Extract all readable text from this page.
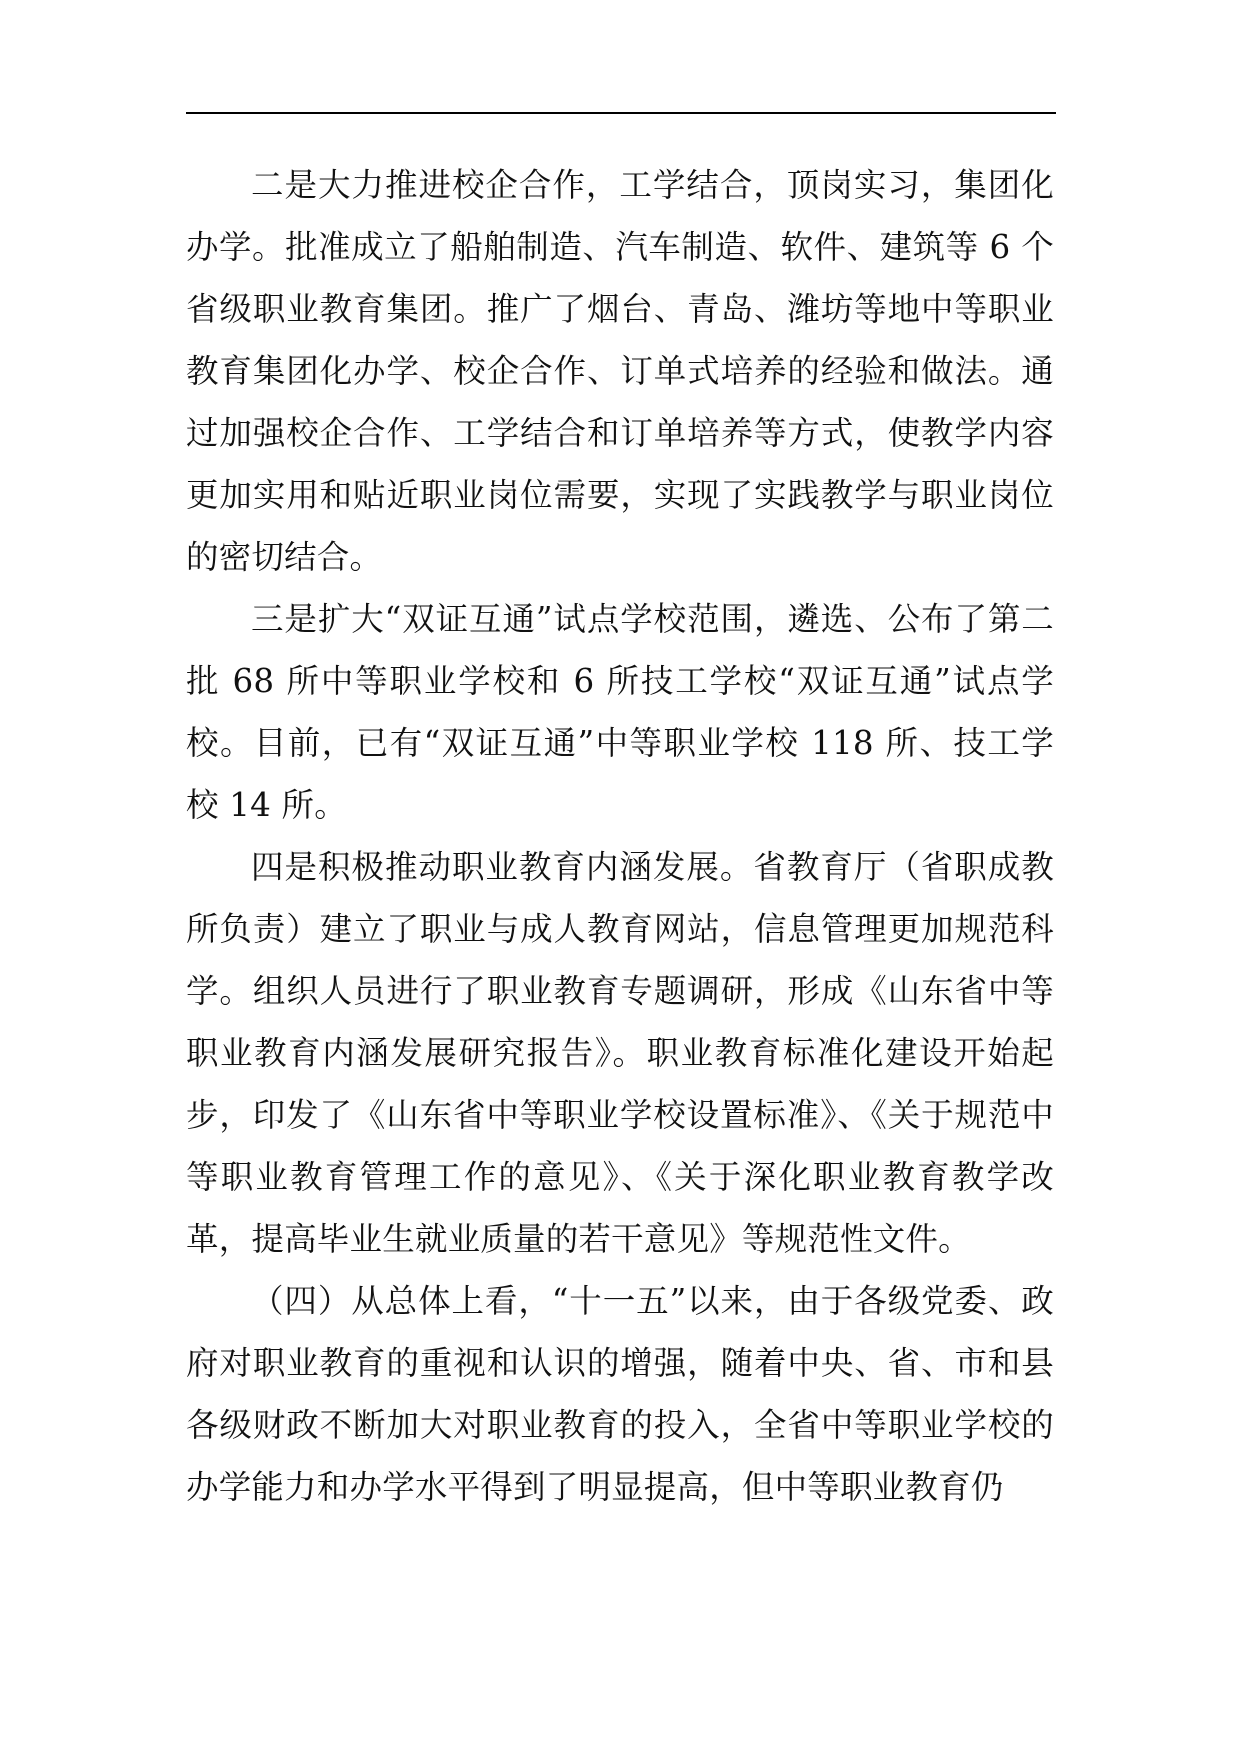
二是大力推进校企合作，工学结合，顶岗实习，集团化办学。批准成立了船舶制造、汽车制造、软件、建筑等 6 个省级职业教育集团。推广了烟台、青岛、潍坊等地中等职业教育集团化办学、校企合作、订单式培养的经验和做法。通过加强校企合作、工学结合和订单培养等方式，使教学内容更加实用和贴近职业岗位需要，实现了实践教学与职业岗位的密切结合。

三是扩大“双证互通”试点学校范围，遴选、公布了第二批 68 所中等职业学校和 6 所技工学校“双证互通”试点学校。目前，已有“双证互通”中等职业学校 118 所、技工学校 14 所。

四是积极推动职业教育内涵发展。省教育厅（省职成教所负责）建立了职业与成人教育网站，信息管理更加规范科学。组织人员进行了职业教育专题调研，形成《山东省中等职业教育内涵发展研究报告》。职业教育标准化建设开始起步，印发了《山东省中等职业学校设置标准》、《关于规范中等职业教育管理工作的意见》、《关于深化职业教育教学改革，提高毕业生就业质量的若干意见》等规范性文件。

（四）从总体上看，“十一五”以来，由于各级党委、政府对职业教育的重视和认识的增强，随着中央、省、市和县各级财政不断加大对职业教育的投入，全省中等职业学校的办学能力和办学水平得到了明显提高，但中等职业教育仍
